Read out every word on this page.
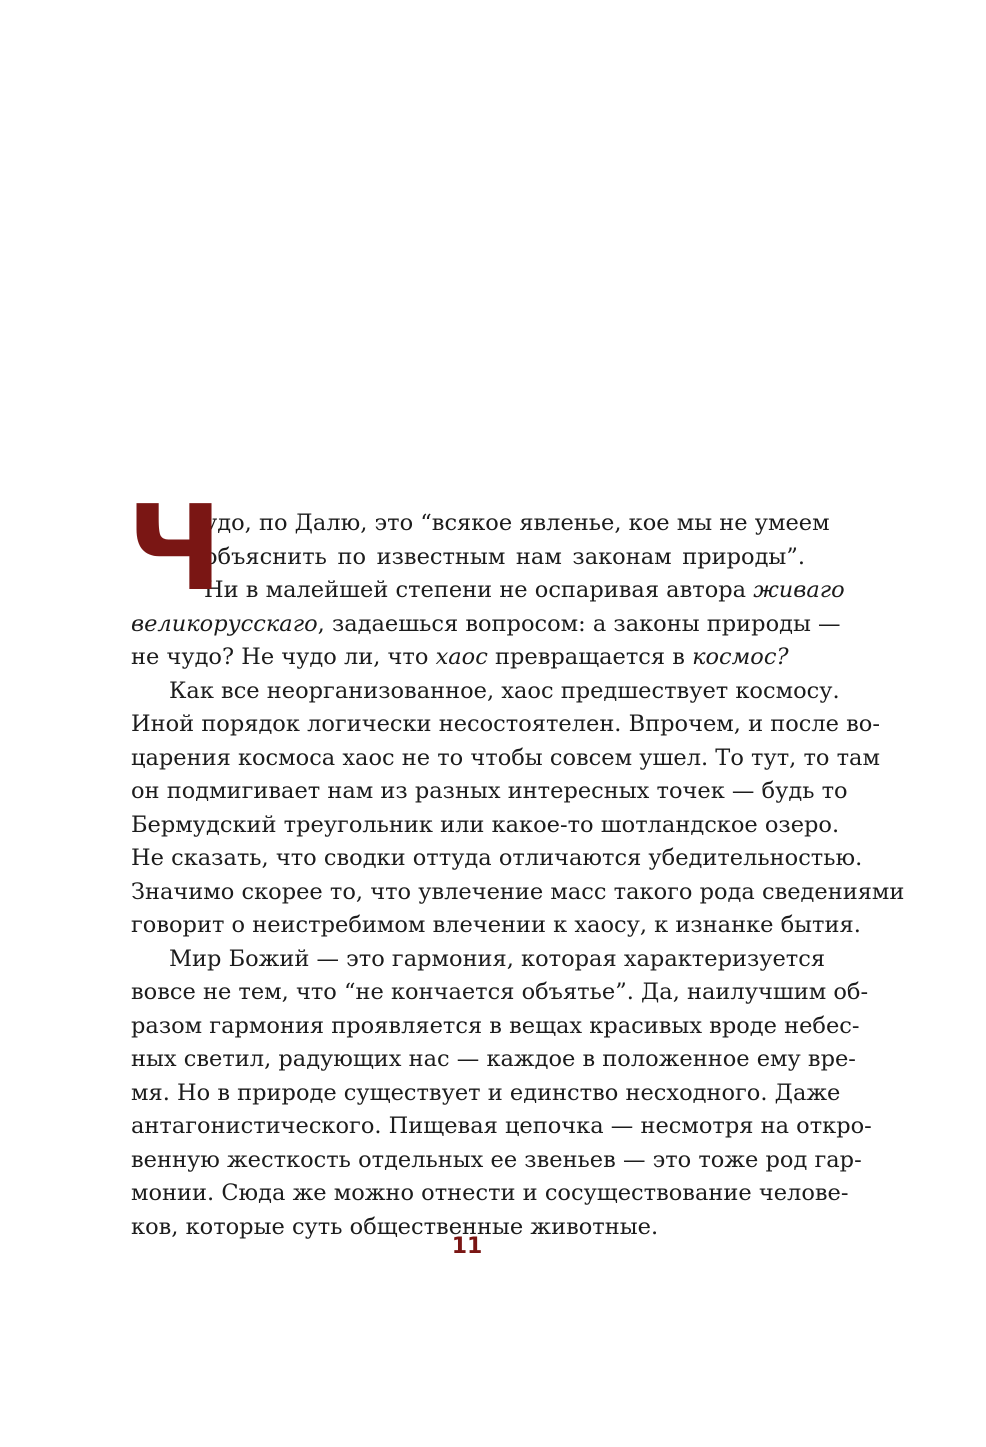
Ч
удо, по Далю, это “всякое явленье, кое мы не умеем
объяснить по известным нам законам природы”.
Ни в малейшей степени не оспаривая автора живаго
великорусскаго, задаешься вопросом: а законы природы —
не чудо? Не чудо ли, что хаос превращается в космос?
Как все неорганизованное, хаос предшествует космосу.
Иной порядок логически несостоятелен. Впрочем, и после во-
царения космоса хаос не то чтобы совсем ушел. То тут, то там
он подмигивает нам из разных интересных точек — будь то
Бермудский треугольник или какое-то шотландское озеро.
Не сказать, что сводки оттуда отличаются убедительностью.
Значимо скорее то, что увлечение масс такого рода сведениями
говорит о неистребимом влечении к хаосу, к изнанке бытия.
Мир Божий — это гармония, которая характеризуется
вовсе не тем, что “не кончается объятье”. Да, наилучшим об-
разом гармония проявляется в вещах красивых вроде небес-
ных светил, радующих нас — каждое в положенное ему вре-
мя. Но в природе существует и единство несходного. Даже
антагонистического. Пищевая цепочка — несмотря на откро-
венную жесткость отдельных ее звеньев — это тоже род гар-
монии. Сюда же можно отнести и сосуществование челове-
ков, которые суть общественные животные.
11
